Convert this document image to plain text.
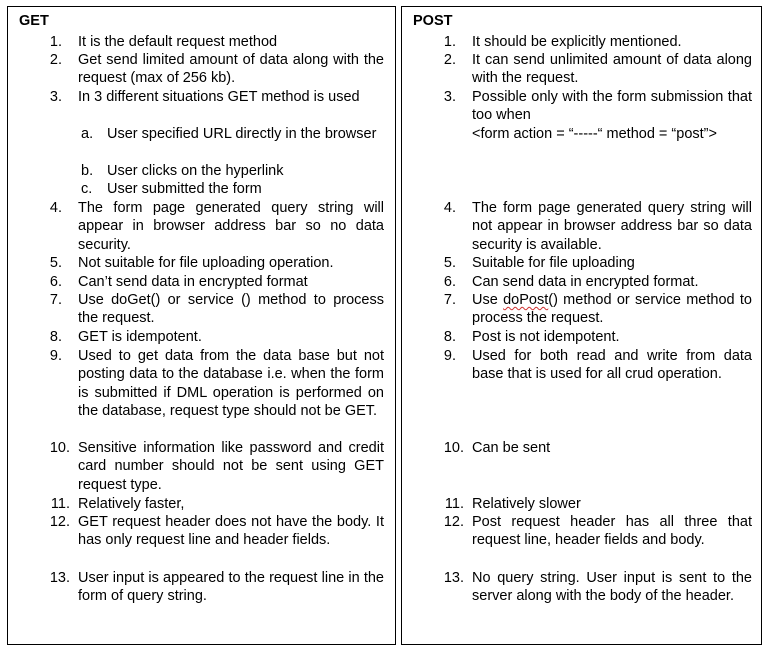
GET
1. It is the default request method
2. Get send limited amount of data along with the request (max of 256 kb).
3. In 3 different situations GET method is used
a. User specified URL directly in the browser
b. User clicks on the hyperlink
c.	User submitted the form
4. The form page generated query string will appear in browser address bar so no data security.
5. Not suitable for file uploading operation.
6. Can’t send data in encrypted format
7. Use doGet() or service () method to process the request.
8. GET is idempotent.
9. Used to get data from the data base but not posting data to the database i.e. when the form is submitted if DML operation is performed on the database, request type should not be GET.
10. Sensitive information like password and credit card number should not be sent using GET request type.
11. Relatively faster,
12. GET request header does not have the body. It has only request line and header fields.
13. User input is appeared to the request line in the form of query string.
POST
1. It should be explicitly mentioned.
2. It can send unlimited amount of data along with the request.
3. Possible only with the form submission that too when
<form action = “-----“ method = “post”>
4. The form page generated query string will not appear in browser address bar so data security is available.
5. Suitable for file uploading
6. Can send data in encrypted format.
7. Use doPost() method or service method to process the request.
8. Post is not idempotent.
9. Used for both read and write from data base that is used for all crud operation.
10. Can be sent
11. Relatively slower
12. Post request header has all three that request line, header fields and body.
13. No query string. User input is sent to the server along with the body of the header.
